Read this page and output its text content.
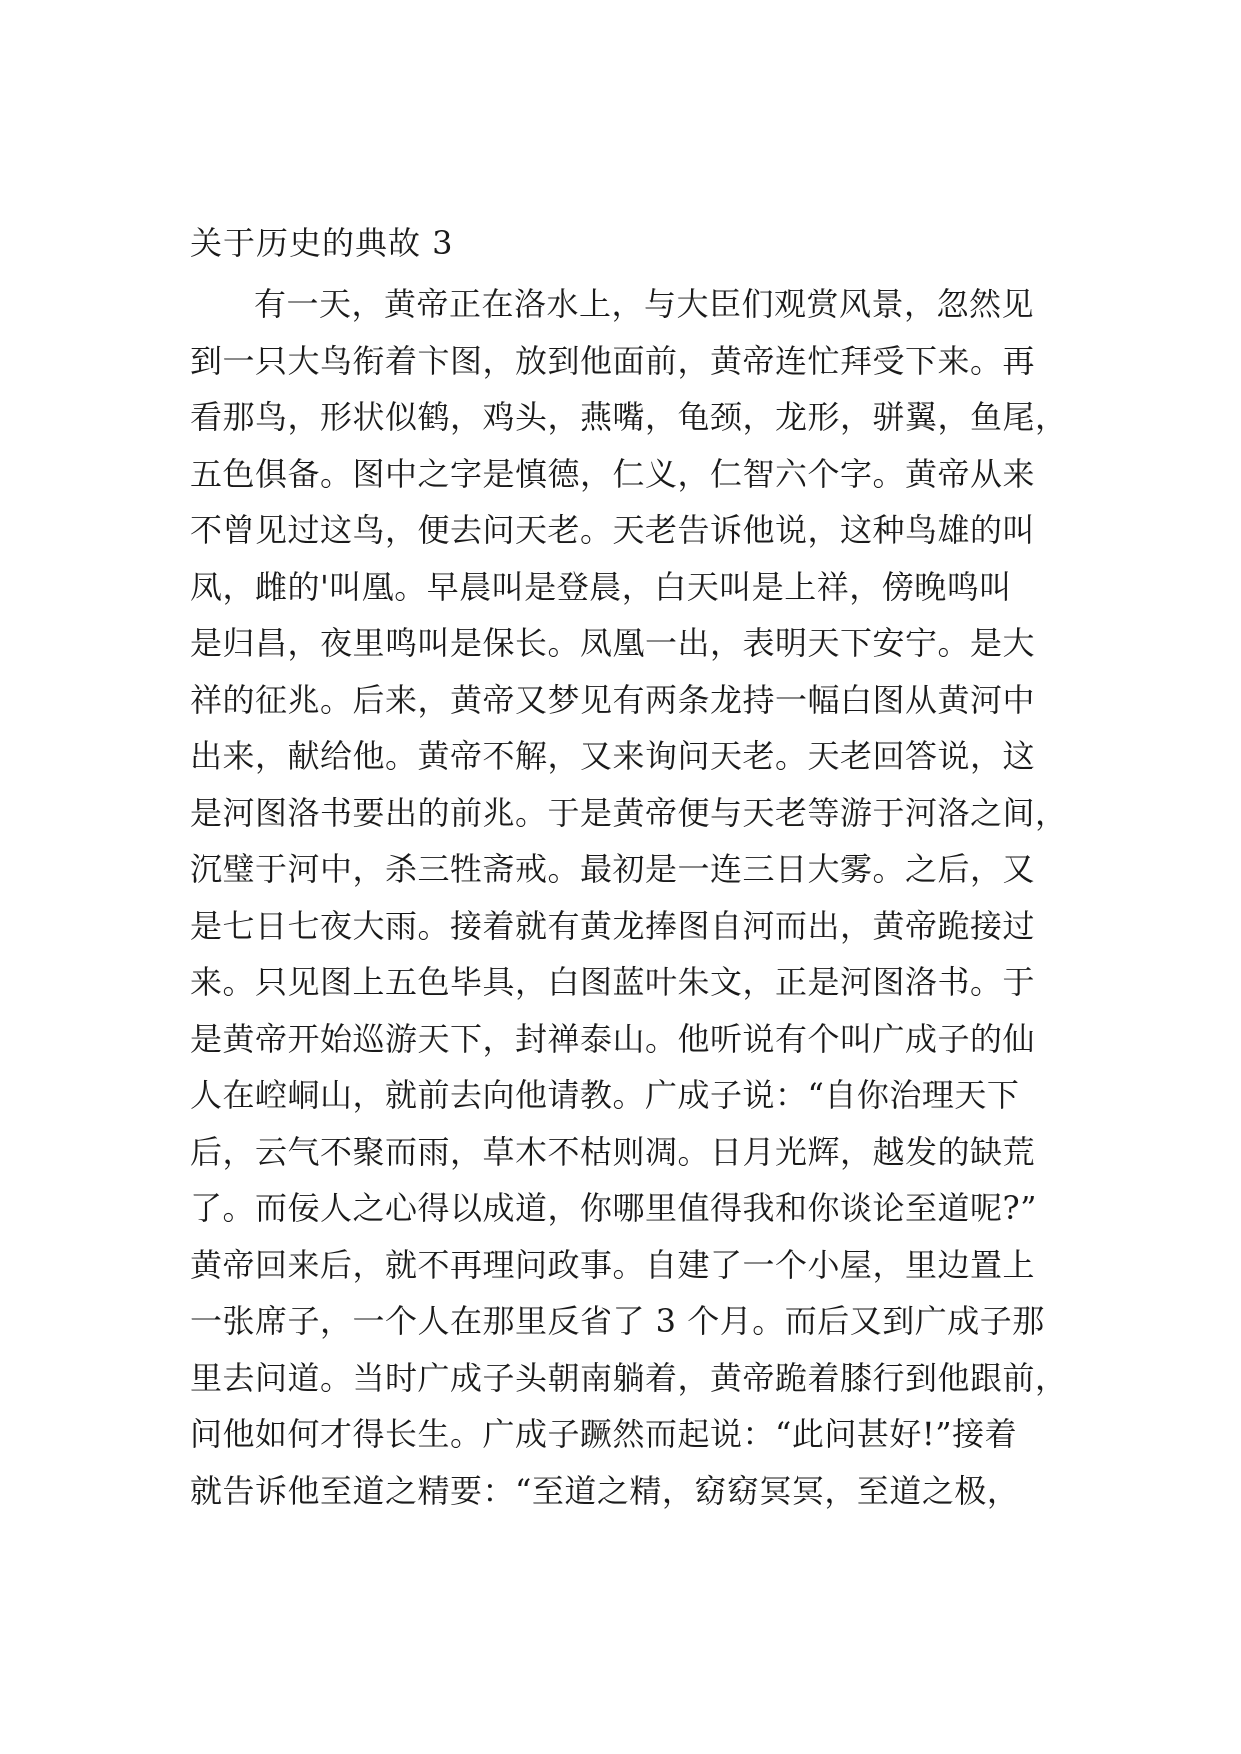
关于历史的典故 3
有一天，黄帝正在洛水上，与大臣们观赏风景，忽然见
到一只大鸟衔着卞图，放到他面前，黄帝连忙拜受下来。再
看那鸟，形状似鹤，鸡头，燕嘴，龟颈，龙形，骈翼，鱼尾，
五色俱备。图中之字是慎德，仁义，仁智六个字。黄帝从来
不曾见过这鸟，便去问天老。天老告诉他说，这种鸟雄的叫
凤，雌的'叫凰。早晨叫是登晨，白天叫是上祥，傍晚鸣叫
是归昌，夜里鸣叫是保长。凤凰一出，表明天下安宁。是大
祥的征兆。后来，黄帝又梦见有两条龙持一幅白图从黄河中
出来，献给他。黄帝不解，又来询问天老。天老回答说，这
是河图洛书要出的前兆。于是黄帝便与天老等游于河洛之间，
沉璧于河中，杀三牲斋戒。最初是一连三日大雾。之后，又
是七日七夜大雨。接着就有黄龙捧图自河而出，黄帝跪接过
来。只见图上五色毕具，白图蓝叶朱文，正是河图洛书。于
是黄帝开始巡游天下，封禅泰山。他听说有个叫广成子的仙
人在崆峒山，就前去向他请教。广成子说：“自你治理天下
后，云气不聚而雨，草木不枯则凋。日月光辉，越发的缺荒
了。而佞人之心得以成道，你哪里值得我和你谈论至道呢?”
黄帝回来后，就不再理问政事。自建了一个小屋，里边置上
一张席子，一个人在那里反省了 3 个月。而后又到广成子那
里去问道。当时广成子头朝南躺着，黄帝跪着膝行到他跟前，
问他如何才得长生。广成子蹶然而起说：“此问甚好!”接着
就告诉他至道之精要：“至道之精，窈窈冥冥，至道之极，
